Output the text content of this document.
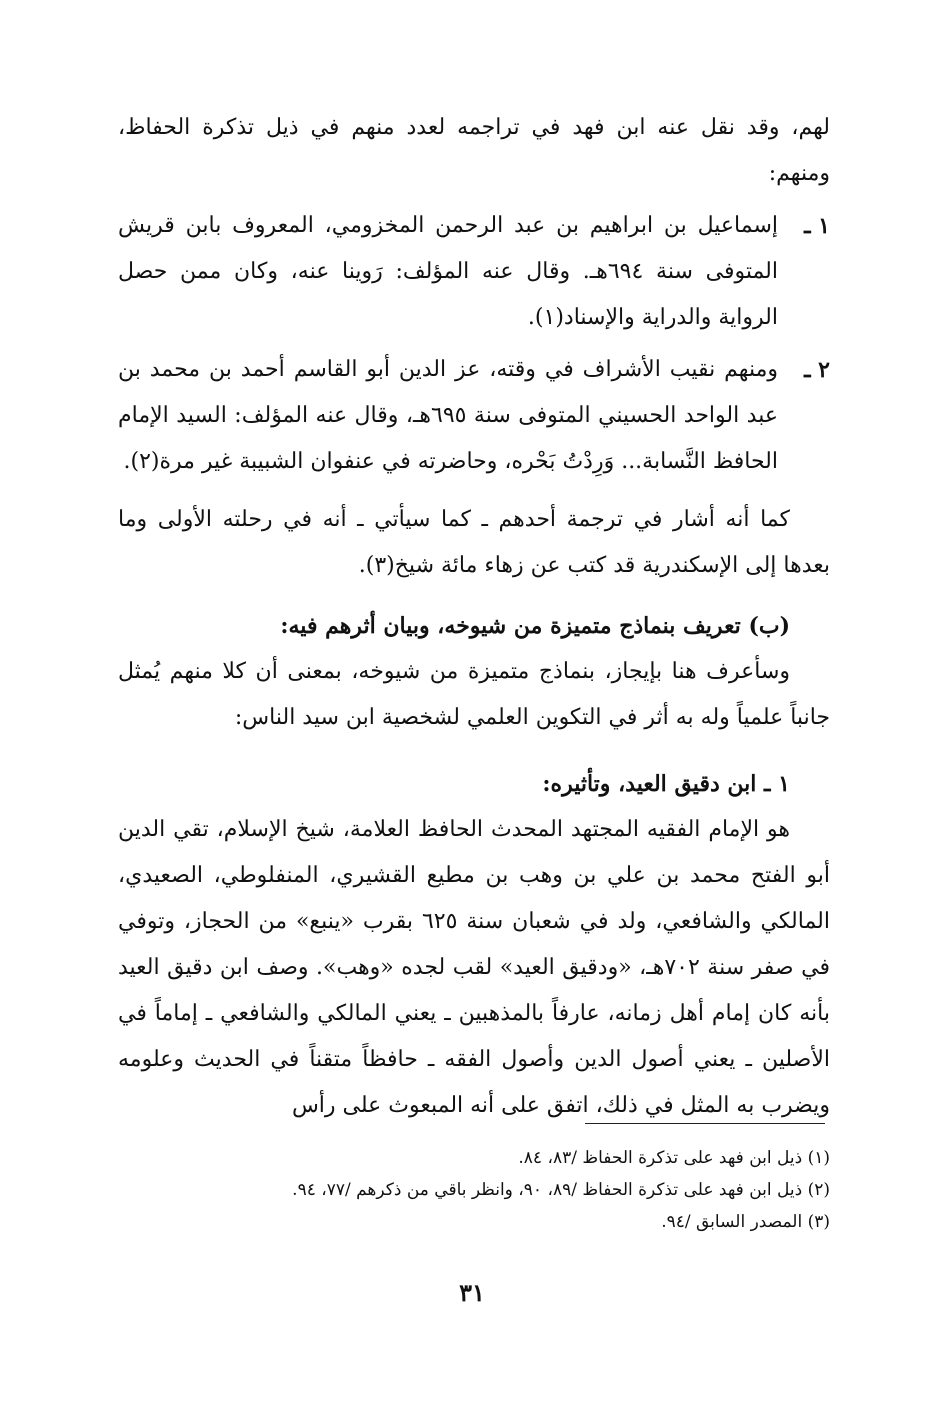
لهم، وقد نقل عنه ابن فهد في تراجمه لعدد منهم في ذيل تذكرة الحفاظ، ومنهم:

١ ـ

إسماعيل بن ابراهيم بن عبد الرحمن المخزومي، المعروف بابن قريش المتوفى سنة ٦٩٤هـ. وقال عنه المؤلف: رَوينا عنه، وكان ممن حصل الرواية والدراية والإسناد(١).

٢ ـ

ومنهم نقيب الأشراف في وقته، عز الدين أبو القاسم أحمد بن محمد بن عبد الواحد الحسيني المتوفى سنة ٦٩٥هـ، وقال عنه المؤلف: السيد الإمام الحافظ النَّسابة... وَرِدْتُ بَحْره، وحاضرته في عنفوان الشبيبة غير مرة(٢).

كما أنه أشار في ترجمة أحدهم ـ كما سيأتي ـ أنه في رحلته الأولى وما بعدها إلى الإسكندرية قد كتب عن زهاء مائة شيخ(٣).

(ب) تعريف بنماذج متميزة من شيوخه، وبيان أثرهم فيه:

وسأعرف هنا بإيجاز، بنماذج متميزة من شيوخه، بمعنى أن كلا منهم يُمثل جانباً علمياً وله به أثر في التكوين العلمي لشخصية ابن سيد الناس:

١ ـ ابن دقيق العيد، وتأثيره:

هو الإمام الفقيه المجتهد المحدث الحافظ العلامة، شيخ الإسلام، تقي الدين أبو الفتح محمد بن علي بن وهب بن مطيع القشيري، المنفلوطي، الصعيدي، المالكي والشافعي، ولد في شعبان سنة ٦٢٥ بقرب «ينبع» من الحجاز، وتوفي في صفر سنة ٧٠٢هـ، «ودقيق العيد» لقب لجده «وهب». وصف ابن دقيق العيد بأنه كان إمام أهل زمانه، عارفاً بالمذهبين ـ يعني المالكي والشافعي ـ إماماً في الأصلين ـ يعني أصول الدين وأصول الفقه ـ حافظاً متقناً في الحديث وعلومه ويضرب به المثل في ذلك، اتفق على أنه المبعوث على رأس

(١) ذيل ابن فهد على تذكرة الحفاظ /٨٣، ٨٤.

(٢) ذيل ابن فهد على تذكرة الحفاظ /٨٩، ٩٠، وانظر باقي من ذكرهم /٧٧، ٩٤.

(٣) المصدر السابق /٩٤.

٣١
